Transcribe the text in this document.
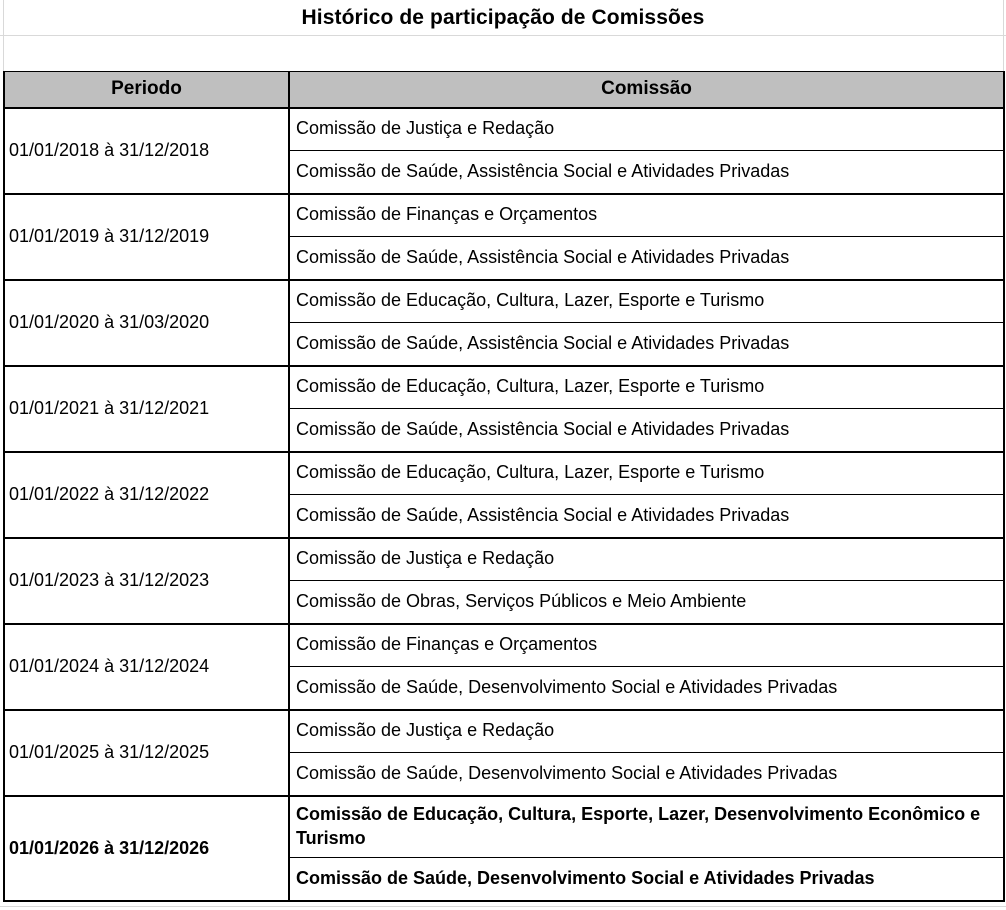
Histórico de participação de Comissões
Periodo	Comissão
01/01/2018 à 31/12/2018	Comissão de Justiça e Redação
	Comissão de Saúde, Assistência Social e Atividades Privadas
01/01/2019 à 31/12/2019	Comissão de Finanças e Orçamentos
	Comissão de Saúde, Assistência Social e Atividades Privadas
01/01/2020 à 31/03/2020	Comissão de Educação, Cultura, Lazer, Esporte e Turismo
	Comissão de Saúde, Assistência Social e Atividades Privadas
01/01/2021 à 31/12/2021	Comissão de Educação, Cultura, Lazer, Esporte e Turismo
	Comissão de Saúde, Assistência Social e Atividades Privadas
01/01/2022 à 31/12/2022	Comissão de Educação, Cultura, Lazer, Esporte e Turismo
	Comissão de Saúde, Assistência Social e Atividades Privadas
01/01/2023 à 31/12/2023	Comissão de Justiça e Redação
	Comissão de Obras, Serviços Públicos e Meio Ambiente
01/01/2024 à 31/12/2024	Comissão de Finanças e Orçamentos
	Comissão de Saúde, Desenvolvimento Social e Atividades Privadas
01/01/2025 à 31/12/2025	Comissão de Justiça e Redação
	Comissão de Saúde, Desenvolvimento Social e Atividades Privadas
01/01/2026 à 31/12/2026	Comissão de Educação, Cultura, Esporte, Lazer, Desenvolvimento Econômico e Turismo
	Comissão de Saúde, Desenvolvimento Social e Atividades Privadas
